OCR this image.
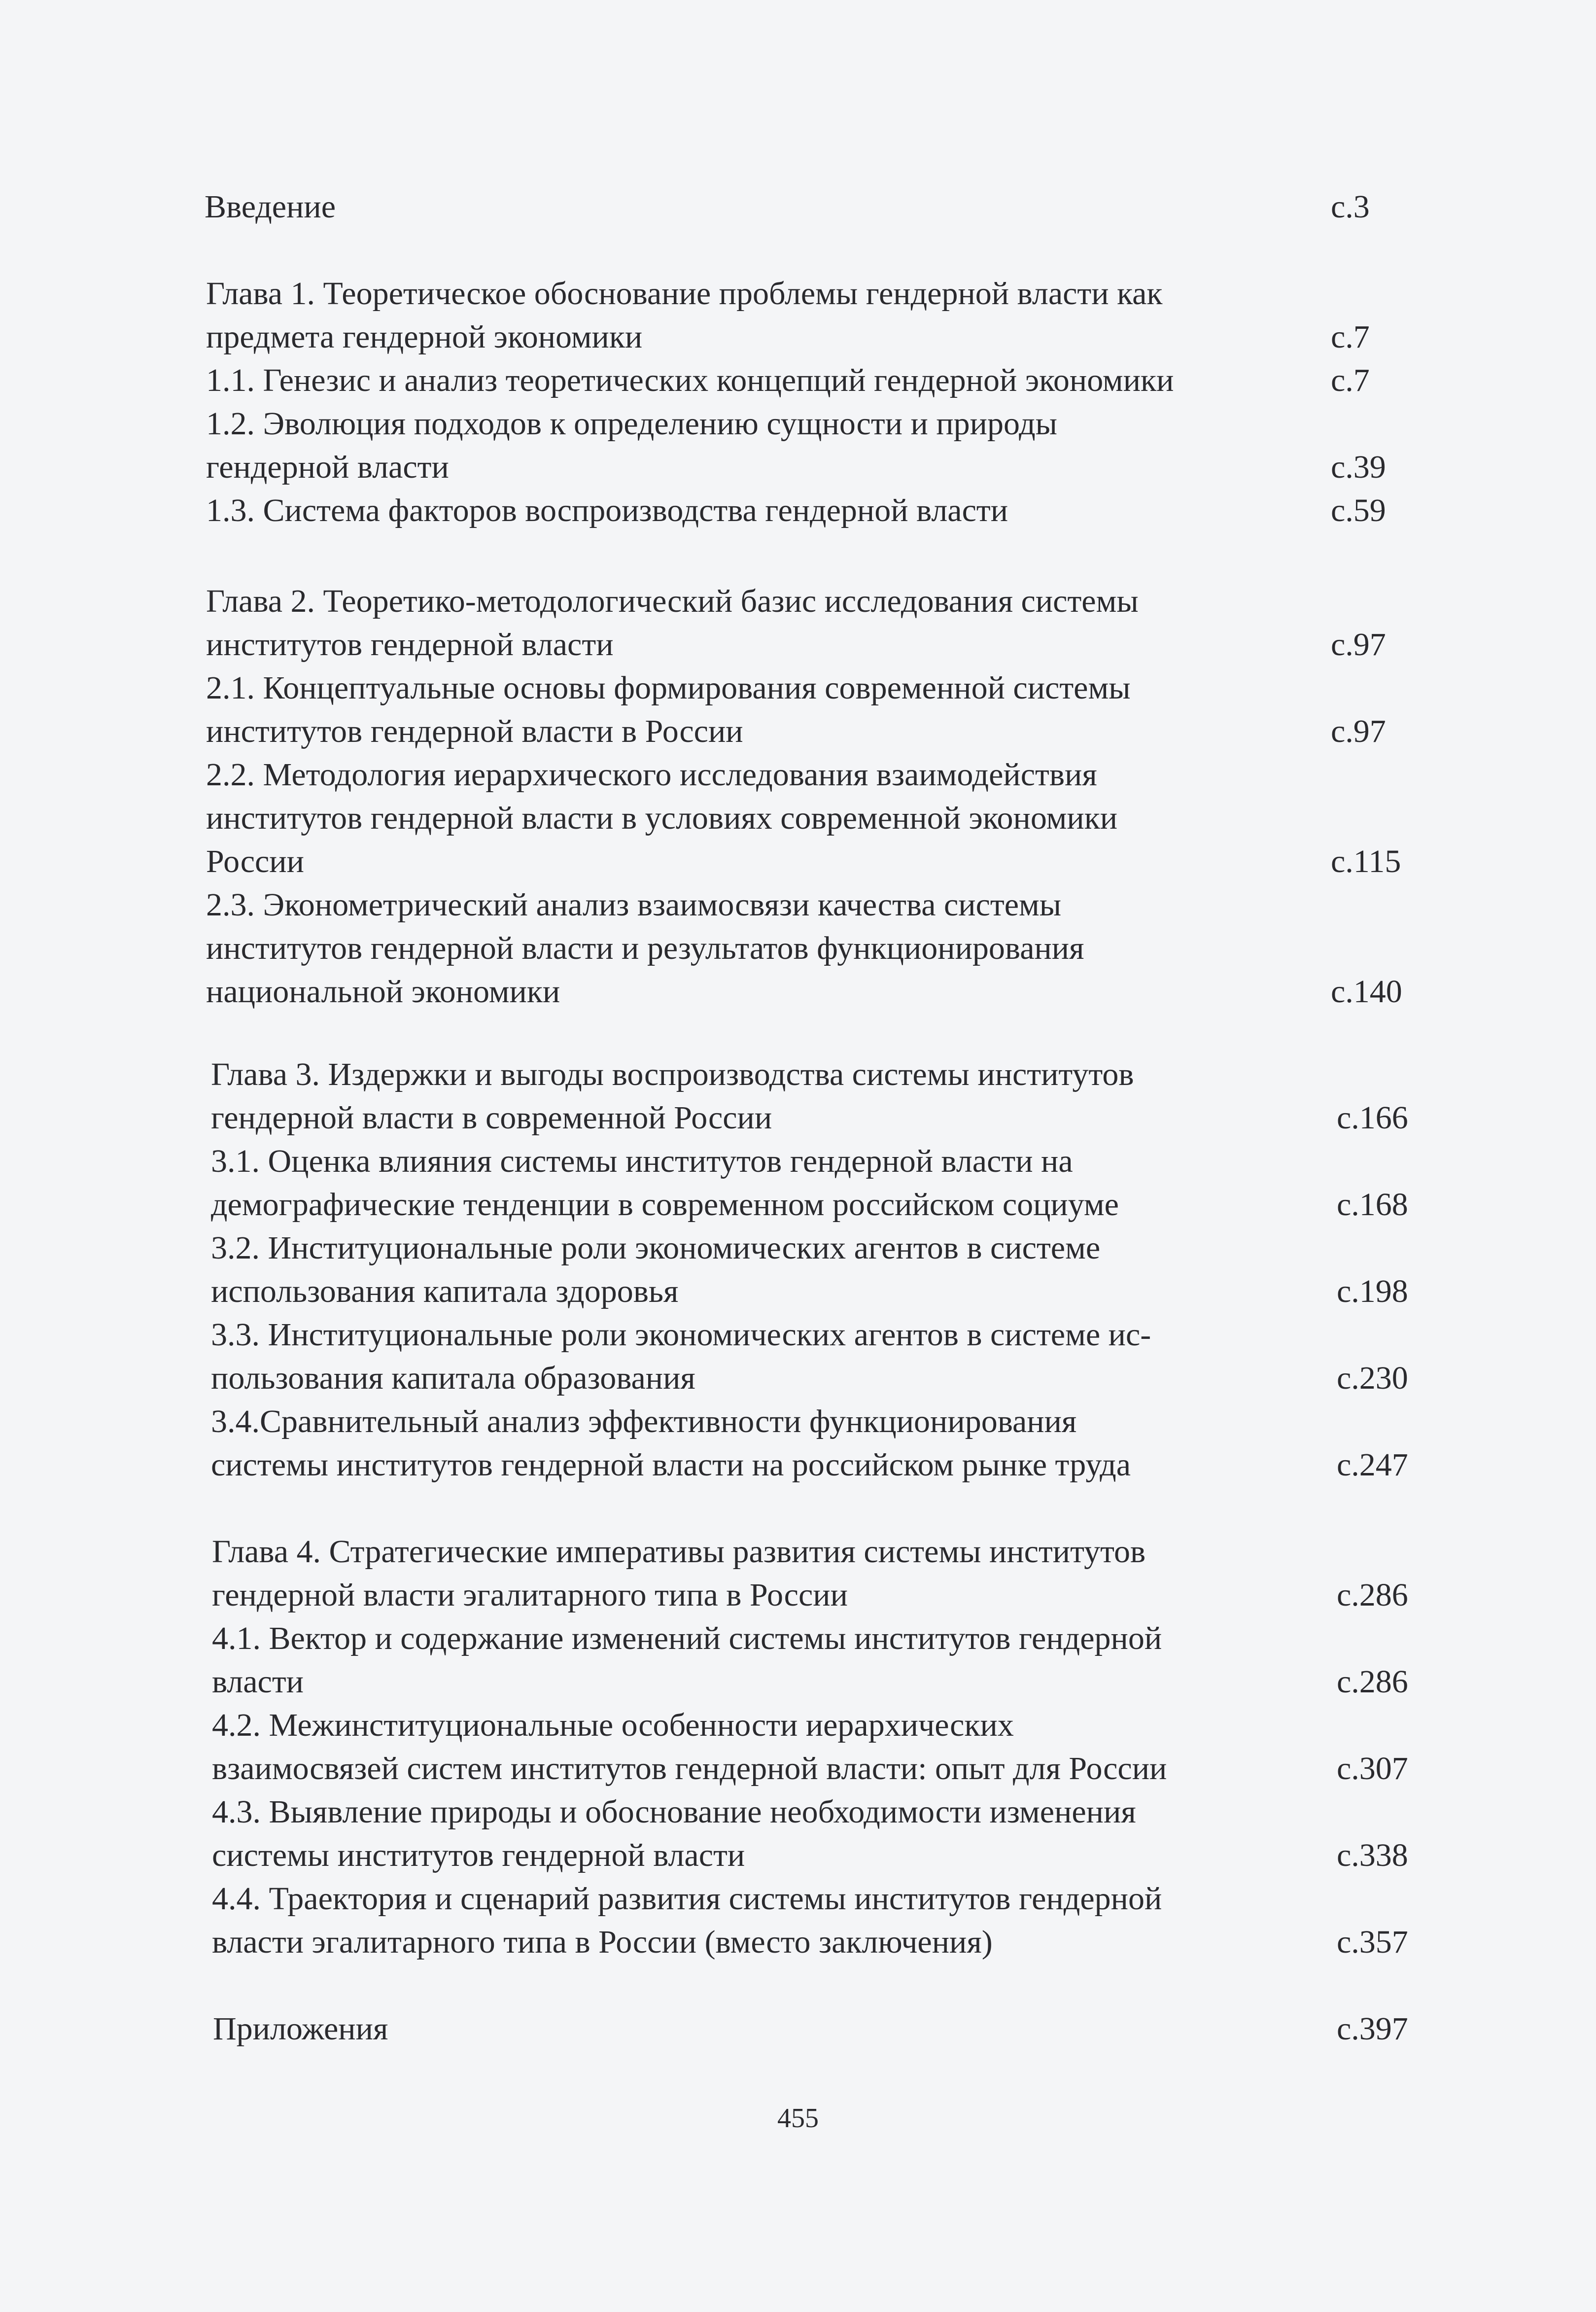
Введение	с.3
Глава 1. Теоретическое обоснование проблемы гендерной власти как
предмета гендерной экономики	с.7
1.1. Генезис и анализ теоретических концепций гендерной экономики	с.7
1.2. Эволюция подходов к определению сущности и природы
гендерной власти	с.39
1.3. Система факторов воспроизводства гендерной власти	с.59
Глава 2. Теоретико-методологический базис исследования системы
институтов гендерной власти	с.97
2.1. Концептуальные основы формирования современной системы
институтов гендерной власти в России	с.97
2.2. Методология иерархического исследования взаимодействия
институтов гендерной власти в условиях современной экономики
России	с.115
2.3. Эконометрический анализ взаимосвязи качества системы
институтов гендерной власти и результатов функционирования
национальной экономики	с.140
Глава 3. Издержки и выгоды воспроизводства системы институтов
гендерной власти в современной России	с.166
3.1. Оценка влияния системы институтов гендерной власти на
демографические тенденции в современном российском социуме	с.168
3.2. Институциональные роли экономических агентов в системе
использования капитала здоровья	с.198
3.3. Институциональные роли экономических агентов в системе ис-
пользования капитала образования	с.230
3.4.Сравнительный анализ эффективности функционирования
системы институтов гендерной власти на российском рынке труда	с.247
Глава 4. Стратегические императивы развития системы институтов
гендерной власти эгалитарного типа в России	с.286
4.1. Вектор и содержание изменений системы институтов гендерной
власти	с.286
4.2. Межинституциональные особенности иерархических
взаимосвязей систем институтов гендерной власти: опыт для России	с.307
4.3. Выявление природы и обоснование необходимости изменения
системы институтов гендерной власти	с.338
4.4. Траектория и сценарий развития системы институтов гендерной
власти эгалитарного типа в России (вместо заключения)	с.357
Приложения	с.397
455
